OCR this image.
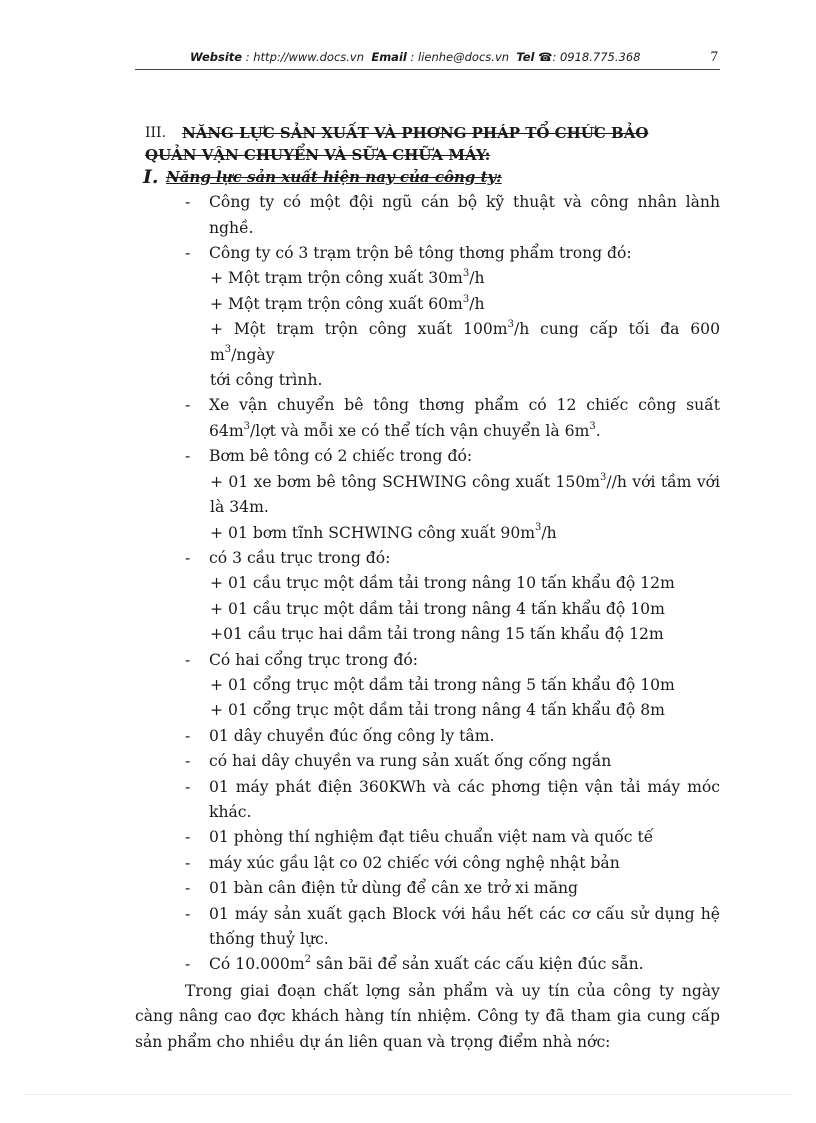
Website : http://www.docs.vn Email : lienhe@docs.vn Tel ☎: 0918.775.368	7
III. NĂNG LỰC SẢN XUẤT VÀ PHƠNG PHÁP TỔ CHỨC BẢO
QUẢN VẬN CHUYỂN VÀ SỮA CHỮA MÁY:
I. Năng lực sản xuất hiện nay của công ty:
- Công ty có một đội ngũ cán bộ kỹ thuật và công nhân lành nghề.
- Công ty có 3 trạm trộn bê tông thơng phẩm trong đó:
+ Một trạm trộn công xuất $30m^3/h$
+ Một trạm trộn công xuất $60m^3/h$
+ Một trạm trộn công xuất $100m^3/h$ cung cấp tối đa 600 $m^3$/ngày
tới công trình.
- Xe vận chuyển bê tông thơng phẩm có 12 chiếc công suất $64m^3$/lợt và mỗi xe có thể tích vận chuyển là $6m^3$.
- Bơm bê tông có 2 chiếc trong đó:
+ 01 xe bơm bê tông SCHWING công xuất $150m^3//h$ với tầm với là 34m.
+ 01 bơm tĩnh SCHWING công xuất $90m^3/h$
- có 3 cầu trục trong đó:
+ 01 cầu trục một dầm tải trong nâng 10 tấn khẩu độ 12m
+ 01 cầu trục một dầm tải trong nâng 4 tấn khẩu độ 10m
+01 cầu trục hai dầm tải trong nâng 15 tấn khẩu độ 12m
- Có hai cổng trục trong đó:
+ 01 cổng trục một dầm tải trong nâng 5 tấn khẩu độ 10m
+ 01 cổng trục một dầm tải trong nâng 4 tấn khẩu độ 8m
- 01 dây chuyền đúc ống công ly tâm.
- có hai dây chuyền va rung sản xuất ống cống ngắn
- 01 máy phát điện 360KWh và các phơng tiện vận tải máy móc khác.
- 01 phòng thí nghiệm đạt tiêu chuẩn việt nam và quốc tế
- máy xúc gầu lật co 02 chiếc với công nghệ nhật bản
- 01 bàn cân điện tử dùng để cân xe trở xi măng
- 01 máy sản xuất gạch Block với hầu hết các cơ cấu sử dụng hệ thống thuỷ lực.
- Có $10.000m^2$ sân bãi để sản xuất các cấu kiện đúc sẵn.

Trong giai đoạn chất lợng sản phẩm và uy tín của công ty ngày càng nâng cao đợc khách hàng tín nhiệm. Công ty đã tham gia cung cấp sản phẩm cho nhiều dự án liên quan và trọng điểm nhà nớc:
